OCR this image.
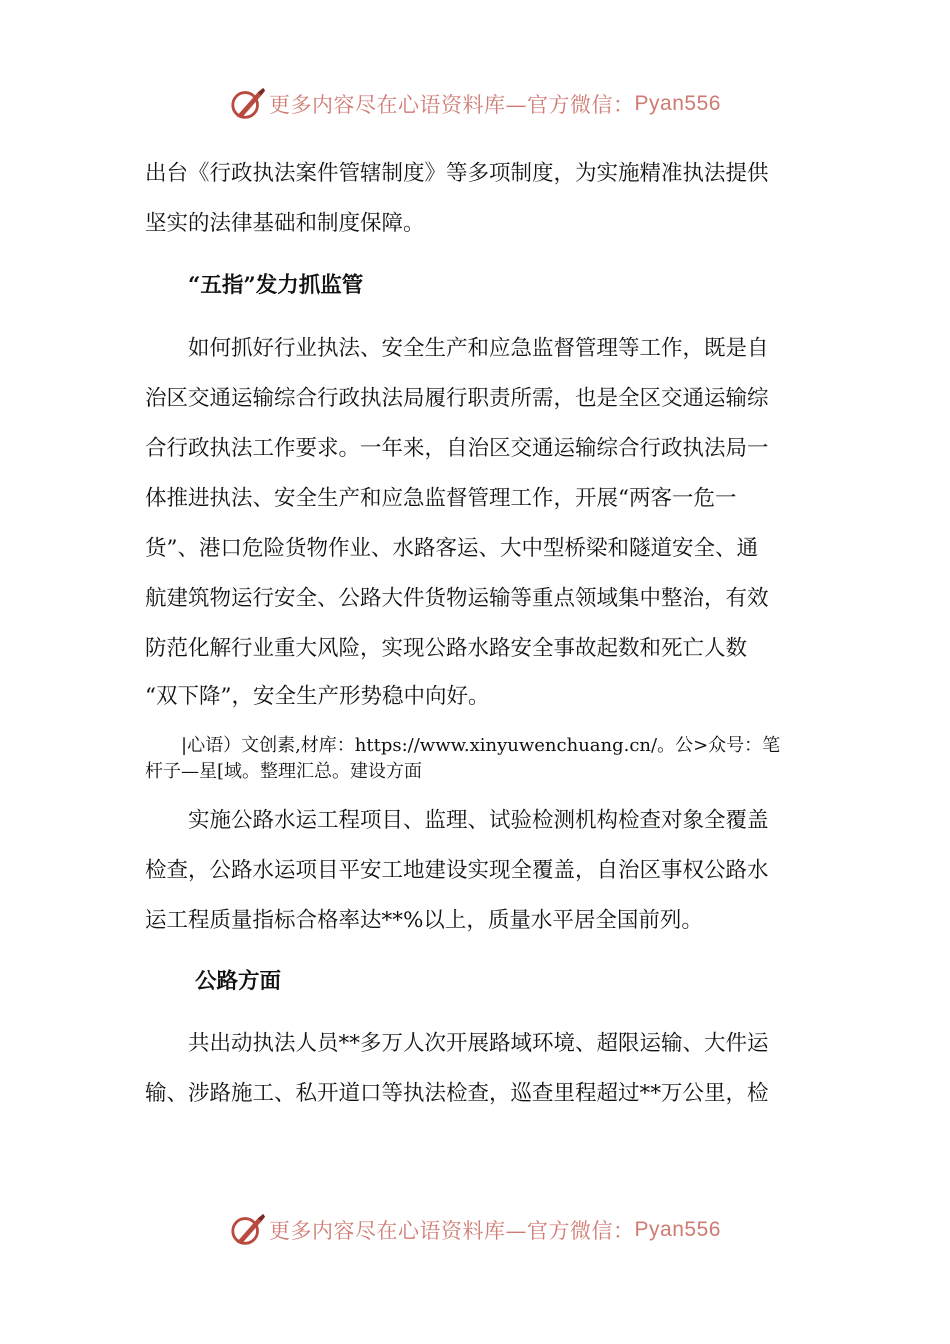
更多内容尽在心语资料库—官方微信： Pyan556
出台《行政执法案件管辖制度》等多项制度，为实施精准执法提供
坚实的法律基础和制度保障。
“五指”发力抓监管
　　如何抓好行业执法、安全生产和应急监督管理等工作，既是自
治区交通运输综合行政执法局履行职责所需，也是全区交通运输综
合行政执法工作要求。一年来，自治区交通运输综合行政执法局一
体推进执法、安全生产和应急监督管理工作，开展“两客一危一
货”、港口危险货物作业、水路客运、大中型桥梁和隧道安全、通
航建筑物运行安全、公路大件货物运输等重点领域集中整治，有效
防范化解行业重大风险，实现公路水路安全事故起数和死亡人数
“双下降”，安全生产形势稳中向好。
　　|心语）文创素,材库：https://www.xinyuwenchuang.cn/。公>众号：笔
杆子—星[域。整理汇总。建设方面
　　实施公路水运工程项目、监理、试验检测机构检查对象全覆盖
检查，公路水运项目平安工地建设实现全覆盖，自治区事权公路水
运工程质量指标合格率达**%以上，质量水平居全国前列。
公路方面
　　共出动执法人员**多万人次开展路域环境、超限运输、大件运
输、涉路施工、私开道口等执法检查，巡查里程超过**万公里，检
更多内容尽在心语资料库—官方微信： Pyan556
